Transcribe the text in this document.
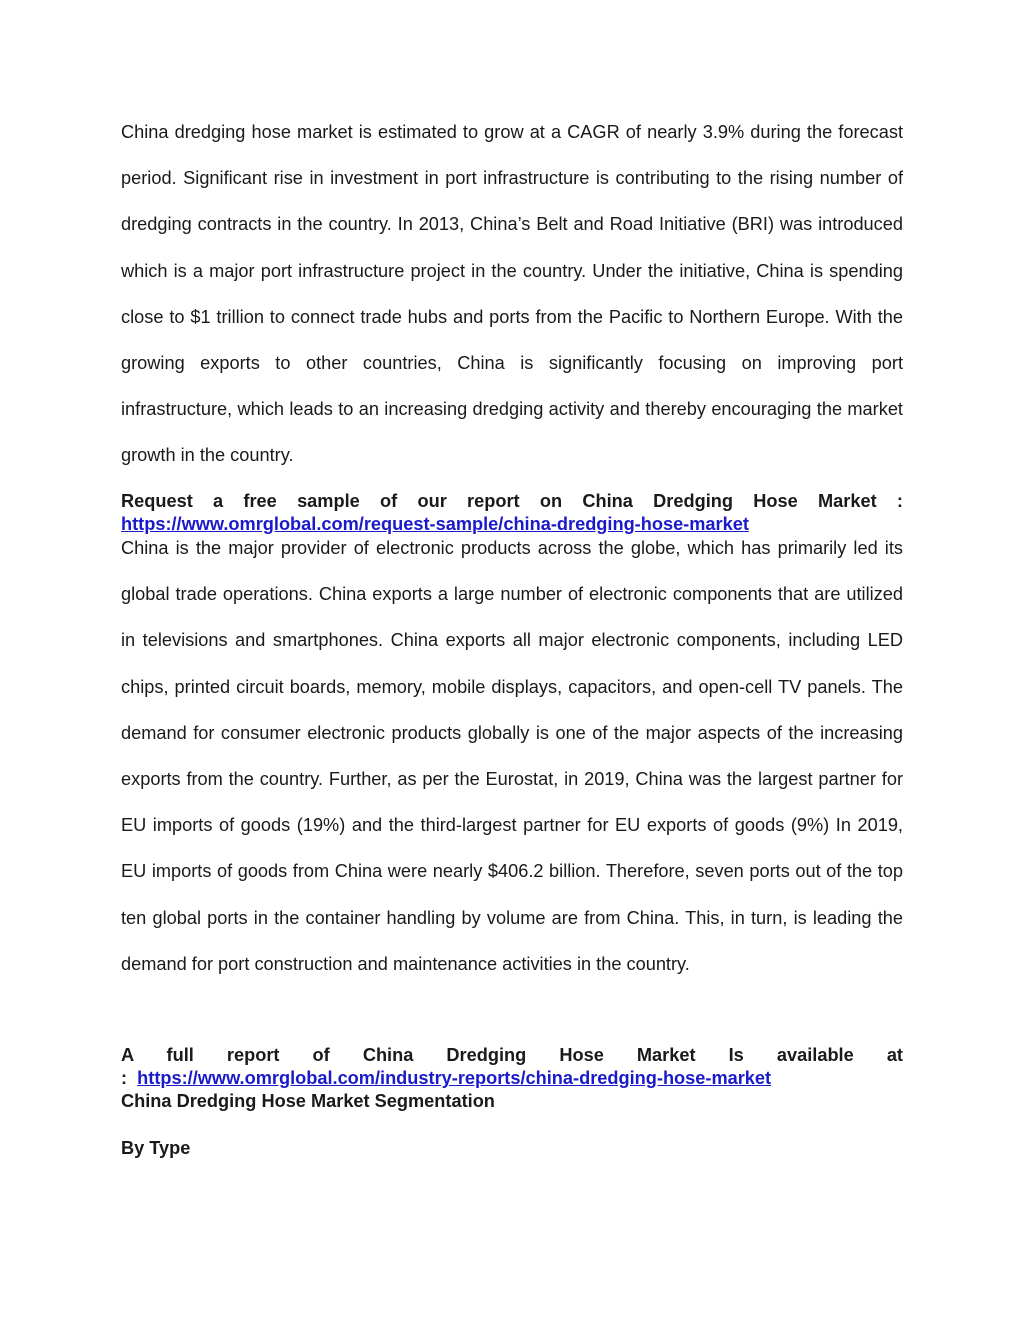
China dredging hose market is estimated to grow at a CAGR of nearly 3.9% during the forecast period. Significant rise in investment in port infrastructure is contributing to the rising number of dredging contracts in the country. In 2013, China’s Belt and Road Initiative (BRI) was introduced which is a major port infrastructure project in the country. Under the initiative, China is spending close to $1 trillion to connect trade hubs and ports from the Pacific to Northern Europe. With the growing exports to other countries, China is significantly focusing on improving port infrastructure, which leads to an increasing dredging activity and thereby encouraging the market growth in the country.

Request a free sample of our report on China Dredging Hose Market :

https://www.omrglobal.com/request-sample/china-dredging-hose-market

China is the major provider of electronic products across the globe, which has primarily led its global trade operations. China exports a large number of electronic components that are utilized in televisions and smartphones. China exports all major electronic components, including LED chips, printed circuit boards, memory, mobile displays, capacitors, and open-cell TV panels. The demand for consumer electronic products globally is one of the major aspects of the increasing exports from the country. Further, as per the Eurostat, in 2019, China was the largest partner for EU imports of goods (19%) and the third-largest partner for EU exports of goods (9%) In 2019, EU imports of goods from China were nearly $406.2 billion. Therefore, seven ports out of the top ten global ports in the container handling by volume are from China. This, in turn, is leading the demand for port construction and maintenance activities in the country.

A full report of China Dredging Hose Market Is available at

: https://www.omrglobal.com/industry-reports/china-dredging-hose-market
China Dredging Hose Market Segmentation
By Type
